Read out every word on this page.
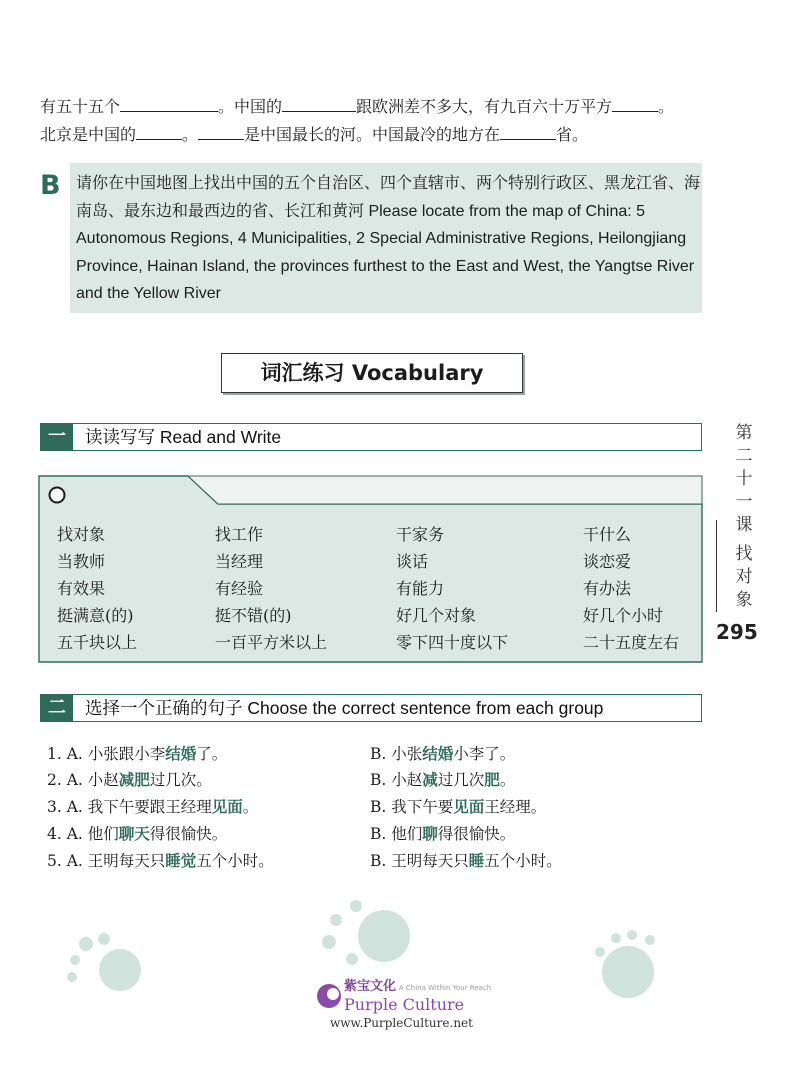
有五十五个	。中国的	跟欧洲差不多大，有九百六十万平方	。
北京是中国的	。	是中国最长的河。中国最冷的地方在	省。
B 请你在中国地图上找出中国的五个自治区、四个直辖市、两个特别行政区、黑龙江省、海南岛、最东边和最西边的省、长江和黄河 Please locate from the map of China: 5 Autonomous Regions, 4 Municipalities, 2 Special Administrative Regions, Heilongjiang Province, Hainan Island, the provinces furthest to the East and West, the Yangtse River and the Yellow River
词汇练习 Vocabulary
一	读读写写 Read and Write
找对象	找工作	干家务	干什么
当教师	当经理	谈话	谈恋爱
有效果	有经验	有能力	有办法
挺满意(的)	挺不错(的)	好几个对象	好几个小时
五千块以上	一百平方米以上	零下四十度以下	二十五度左右
第二十一课
找对象
295
二	选择一个正确的句子 Choose the correct sentence from each group
1. A. 小张跟小李结婚了。	B. 小张结婚小李了。
2. A. 小赵减肥过几次。	B. 小赵减过几次肥。
3. A. 我下午要跟王经理见面。	B. 我下午要见面王经理。
4. A. 他们聊天得很愉快。	B. 他们聊得很愉快。
5. A. 王明每天只睡觉五个小时。	B. 王明每天只睡五个小时。
紫宝文化 A China Within Your Reach
Purple Culture
www.PurpleCulture.net
